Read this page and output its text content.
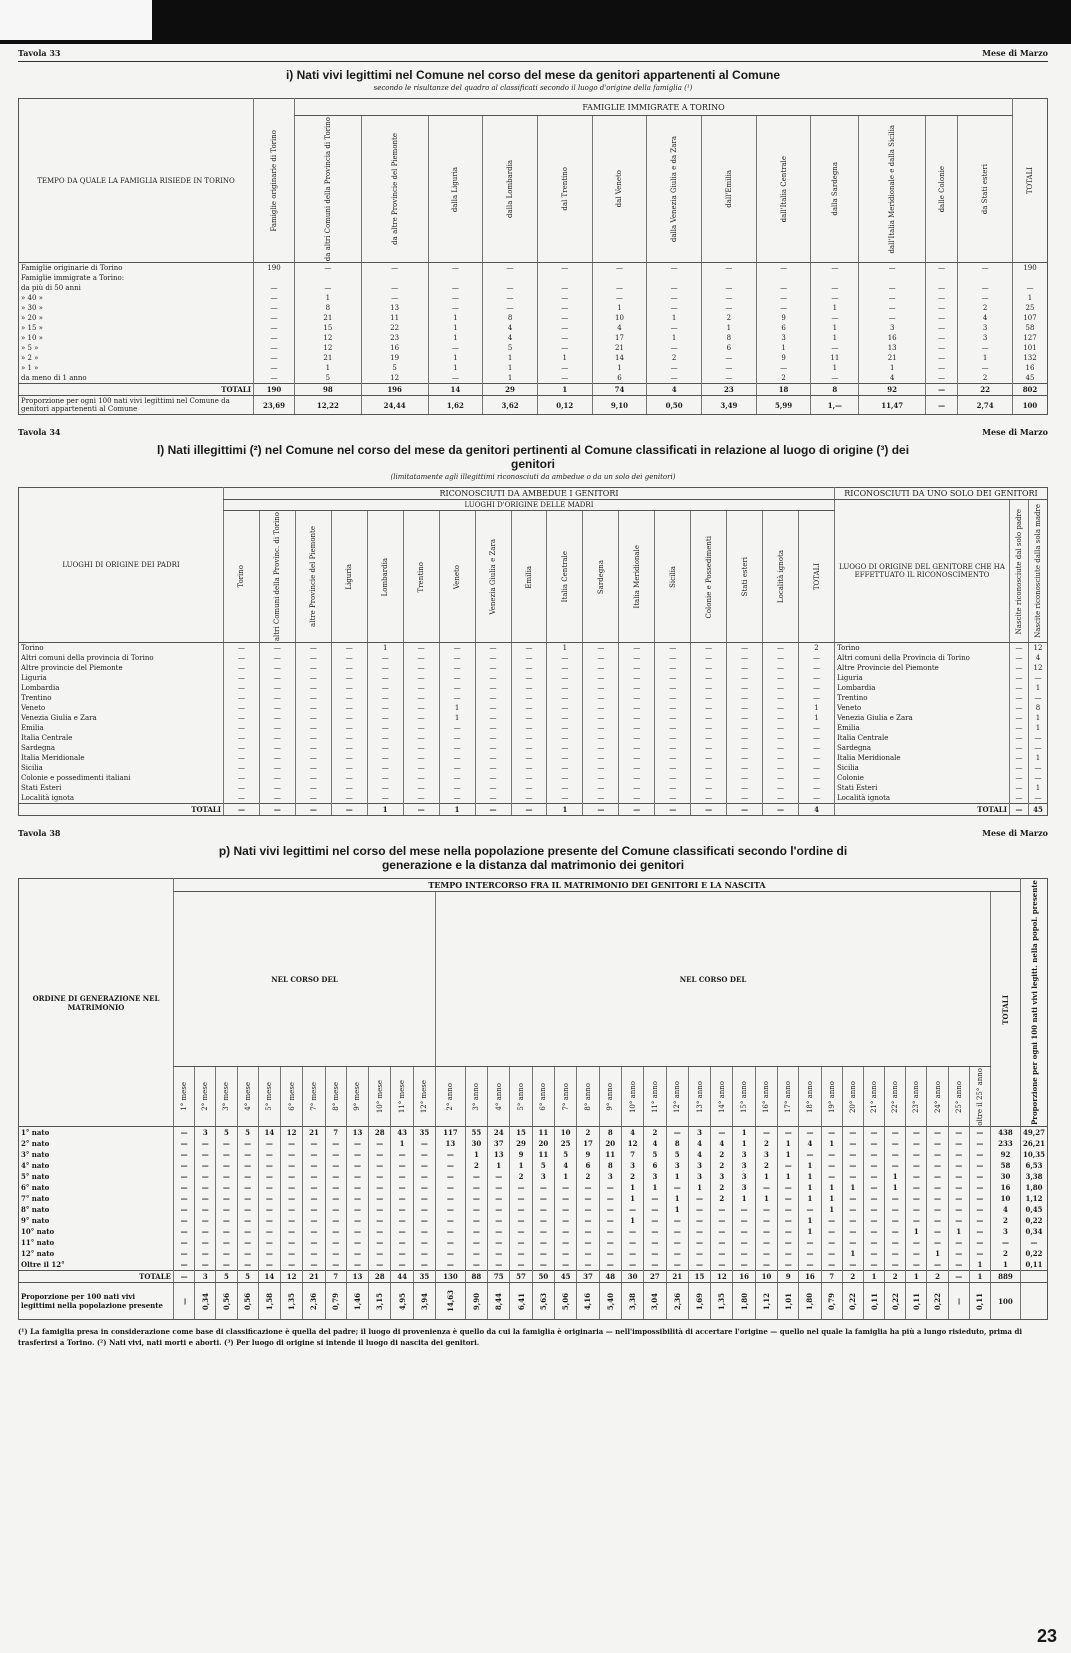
Tavola 33	Mese di Marzo
i) Nati vivi legittimi nel Comune nel corso del mese da genitori appartenenti al Comune
secondo le risultanze del quadro al classificati secondo il luogo d'origine della famiglia (¹)
TEMPO DA QUALE LA FAMIGLIA RISIEDE IN TORINO	Famiglie originarie di Torino	FAMIGLIE IMMIGRATE A TORINO													TOTALI

		da altri Comuni della Provincia di Torino	da altre Provincie del Piemonte	dalla Liguria	dalla Lombardia	dal Trentino	dal Veneto	dalla Venezia Giulia e da Zara	dall'Emilia	dall'Italia Centrale	dalla Sardegna	dall'Italia Meridionale e dalla Sicilia	dalle Colonie	da Stati esteri	

Famiglie originarie di Torino	190	—	—	—	—	—	—	—	—	—	—	—	—	—	190
Famiglie immigrate a Torino:															
da più di 50 anni	—	—	—	—	—	—	—	—	—	—	—	—	—	—	—
» 40 »	—	1	—	—	—	—	—	—	—	—	—	—	—	—	1
» 30 »	—	8	13	—	—	—	1	—	—	—	1	—	—	2	25
» 20 »	—	21	11	1	8	—	10	1	2	9	—	—	—	4	107
» 15 »	—	15	22	1	4	—	4	—	1	6	1	3	—	3	58
» 10 »	—	12	23	1	4	—	17	1	8	3	1	16	—	3	127
» 5 »	—	12	16	—	5	—	21	—	6	1	—	13	—	—	101
» 2 »	—	21	19	1	1	1	14	2	—	9	11	21	—	1	132
» 1 »	—	1	5	1	1	—	1	—	—	—	1	1	—	—	16
da meno di 1 anno	—	5	12	—	1	—	6	—	—	2	—	4	—	2	45
TOTALI	190	98	196	14	29	1	74	4	23	18	8	92	—	22	802
Proporzione per ogni 100 nati vivi legittimi nel Comune da genitori appartenenti al Comune	23,69	12,22	24,44	1,62	3,62	0,12	9,10	0,50	3,49	5,99	1,—	11,47	—	2,74	100
Tavola 34	Mese di Marzo
l) Nati illegittimi (²) nel Comune nel corso del mese da genitori pertinenti al Comune classificati in relazione al luogo di origine (³) dei genitori
(limitatamente agli illegittimi riconosciuti da ambedue o da un solo dei genitori)
LUOGHI DI ORIGINE DEI PADRI	RICONOSCIUTI DA AMBEDUE I GENITORI																	RICONOSCIUTI DA UNO SOLO DEI GENITORI		
	LUOGHI D'ORIGINE DELLE MADRI																	LUOGO DI ORIGINE DEL GENITORE CHE HA EFFETTUATO IL RICONOSCIMENTO	Nascite riconosciute dal solo padre	Nascite riconosciute dalla sola madre

	Torino	altri Comuni della Provinc. di Torino	altre Provincie del Piemonte	Liguria	Lombardia	Trentino	Veneto	Venezia Giulia e Zara	Emilia	Italia Centrale	Sardegna	Italia Meridionale	Sicilia	Colonie e Possedimenti	Stati esteri	Località ignota	TOTALI			

Torino	—	—	—	—	1	—	—	—	—	1	—	—	—	—	—	—	2	Torino	—	12
Altri comuni della provincia di Torino	—	—	—	—	—	—	—	—	—	—	—	—	—	—	—	—	—	Altri comuni della Provincia di Torino	—	4
Altre provincie del Piemonte	—	—	—	—	—	—	—	—	—	—	—	—	—	—	—	—	—	Altre Provincie del Piemonte	—	12
Liguria	—	—	—	—	—	—	—	—	—	—	—	—	—	—	—	—	—	Liguria	—	—
Lombardia	—	—	—	—	—	—	—	—	—	—	—	—	—	—	—	—	—	Lombardia	—	1
Trentino	—	—	—	—	—	—	—	—	—	—	—	—	—	—	—	—	—	Trentino	—	—
Veneto	—	—	—	—	—	—	1	—	—	—	—	—	—	—	—	—	1	Veneto	—	8
Venezia Giulia e Zara	—	—	—	—	—	—	1	—	—	—	—	—	—	—	—	—	1	Venezia Giulia e Zara	—	1
Emilia	—	—	—	—	—	—	—	—	—	—	—	—	—	—	—	—	—	Emilia	—	1
Italia Centrale	—	—	—	—	—	—	—	—	—	—	—	—	—	—	—	—	—	Italia Centrale	—	—
Sardegna	—	—	—	—	—	—	—	—	—	—	—	—	—	—	—	—	—	Sardegna	—	—
Italia Meridionale	—	—	—	—	—	—	—	—	—	—	—	—	—	—	—	—	—	Italia Meridionale	—	1
Sicilia	—	—	—	—	—	—	—	—	—	—	—	—	—	—	—	—	—	Sicilia	—	—
Colonie e possedimenti italiani	—	—	—	—	—	—	—	—	—	—	—	—	—	—	—	—	—	Colonie	—	—
Stati Esteri	—	—	—	—	—	—	—	—	—	—	—	—	—	—	—	—	—	Stati Esteri	—	1
Località ignota	—	—	—	—	—	—	—	—	—	—	—	—	—	—	—	—	—	Località ignota	—	—
TOTALI	—	—	—	—	1	—	1	—	—	1	—	—	—	—	—	—	4	TOTALI	—	45
Tavola 38	Mese di Marzo
p) Nati vivi legittimi nel corso del mese nella popolazione presente del Comune classificati secondo l'ordine di generazione e la distanza dal matrimonio dei genitori
ORDINE DI GENERAZIONE NEL MATRIMONIO	TEMPO INTERCORSO FRA IL MATRIMONIO DEI GENITORI E LA NASCITA																																						Proporzione per ogni 100 nati vivi legitt. nella popol. presente

	NEL CORSO DEL												NEL CORSO DEL																									TOTALI	

	1° mese	2° mese	3° mese	4° mese	5° mese	6° mese	7° mese	8° mese	9° mese	10° mese	11° mese	12° mese	2° anno	3° anno	4° anno	5° anno	6° anno	7° anno	8° anno	9° anno	10° anno	11° anno	12° anno	13° anno	14° anno	15° anno	16° anno	17° anno	18° anno	19° anno	20° anno	21° anno	22° anno	23° anno	24° anno	25° anno	oltre il 25° anno		

1° nato	—	3	5	5	14	12	21	7	13	28	43	35	117	55	24	15	11	10	2	8	4	2	—	3	—	1	—	—	—	—	—	—	—	—	—	—	—	438	49,27
2° nato	—	—	—	—	—	—	—	—	—	—	1	—	13	30	37	29	20	25	17	20	12	4	8	4	4	1	2	1	4	1	—	—	—	—	—	—	—	233	26,21
3° nato	—	—	—	—	—	—	—	—	—	—	—	—	—	1	13	9	11	5	9	11	7	5	5	4	2	3	3	1	—	—	—	—	—	—	—	—	—	92	10,35
4° nato	—	—	—	—	—	—	—	—	—	—	—	—	—	2	1	1	5	4	6	8	3	6	3	3	2	3	2	—	1	—	—	—	—	—	—	—	—	58	6,53
5° nato	—	—	—	—	—	—	—	—	—	—	—	—	—	—	—	2	3	1	2	3	2	3	1	3	3	3	1	1	1	—	—	—	1	—	—	—	—	30	3,38
6° nato	—	—	—	—	—	—	—	—	—	—	—	—	—	—	—	—	—	—	—	—	1	1	—	1	2	3	—	—	1	1	1	—	1	—	—	—	—	16	1,80
7° nato	—	—	—	—	—	—	—	—	—	—	—	—	—	—	—	—	—	—	—	—	1	—	1	—	2	1	1	—	1	1	—	—	—	—	—	—	—	10	1,12
8° nato	—	—	—	—	—	—	—	—	—	—	—	—	—	—	—	—	—	—	—	—	—	—	1	—	—	—	—	—	—	1	—	—	—	—	—	—	—	4	0,45
9° nato	—	—	—	—	—	—	—	—	—	—	—	—	—	—	—	—	—	—	—	—	1	—	—	—	—	—	—	—	1	—	—	—	—	—	—	—	—	2	0,22
10° nato	—	—	—	—	—	—	—	—	—	—	—	—	—	—	—	—	—	—	—	—	—	—	—	—	—	—	—	—	1	—	—	—	—	1	—	1	—	3	0,34
11° nato	—	—	—	—	—	—	—	—	—	—	—	—	—	—	—	—	—	—	—	—	—	—	—	—	—	—	—	—	—	—	—	—	—	—	—	—	—	—	—
12° nato	—	—	—	—	—	—	—	—	—	—	—	—	—	—	—	—	—	—	—	—	—	—	—	—	—	—	—	—	—	—	1	—	—	—	1	—	—	2	0,22
Oltre il 12°	—	—	—	—	—	—	—	—	—	—	—	—	—	—	—	—	—	—	—	—	—	—	—	—	—	—	—	—	—	—	—	—	—	—	—	—	1	1	0,11
TOTALE	—	3	5	5	14	12	21	7	13	28	44	35	130	88	75	57	50	45	37	48	30	27	21	15	12	16	10	9	16	7	2	1	2	1	2	—	1	889	
Proporzione per 100 nati vivi legittimi nella popolazione presente	—	0,34	0,56	0,56	1,58	1,35	2,36	0,79	1,46	3,15	4,95	3,94	14,63	9,90	8,44	6,41	5,63	5,06	4,16	5,40	3,38	3,04	2,36	1,69	1,35	1,80	1,12	1,01	1,80	0,79	0,22	0,11	0,22	0,11	0,22	—	0,11	100	
(¹) La famiglia presa in considerazione come base di classificazione è quella del padre; il luogo di provenienza è quello da cui la famiglia è originaria — nell'impossibilità di accertare l'origine — quello nel quale la famiglia ha più a lungo risieduto, prima di trasferirsi a Torino. (²) Nati vivi, nati morti e aborti. (³) Per luogo di origine si intende il luogo di nascita dei genitori.
23
